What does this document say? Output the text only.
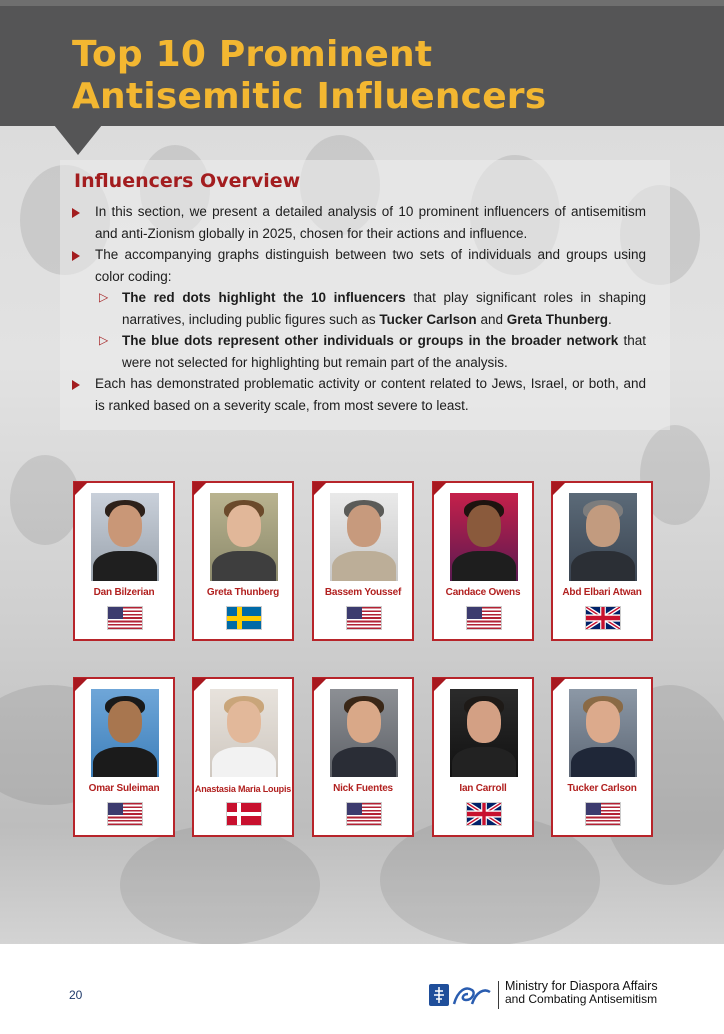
Top 10 Prominent
Antisemitic Influencers
Influencers Overview
In this section, we present a detailed analysis of 10 prominent influencers of antisemitism and anti-Zionism globally in 2025, chosen for their actions and influence.
The accompanying graphs distinguish between two sets of individuals and groups using color coding:
▷ The red dots highlight the 10 influencers that play significant roles in shaping narratives, including public figures such as Tucker Carlson and Greta Thunberg.
▷ The blue dots represent other individuals or groups in the broader network that were not selected for highlighting but remain part of the analysis.
Each has demonstrated problematic activity or content related to Jews, Israel, or both, and is ranked based on a severity scale, from most severe to least.
Dan Bilzerian	Greta Thunberg	Bassem Youssef	Candace Owens	Abd Elbari Atwan
Omar Suleiman	Anastasia Maria Loupis	Nick Fuentes	Ian Carroll	Tucker Carlson
20
Ministry for Diaspora Affairs
and Combating Antisemitism
